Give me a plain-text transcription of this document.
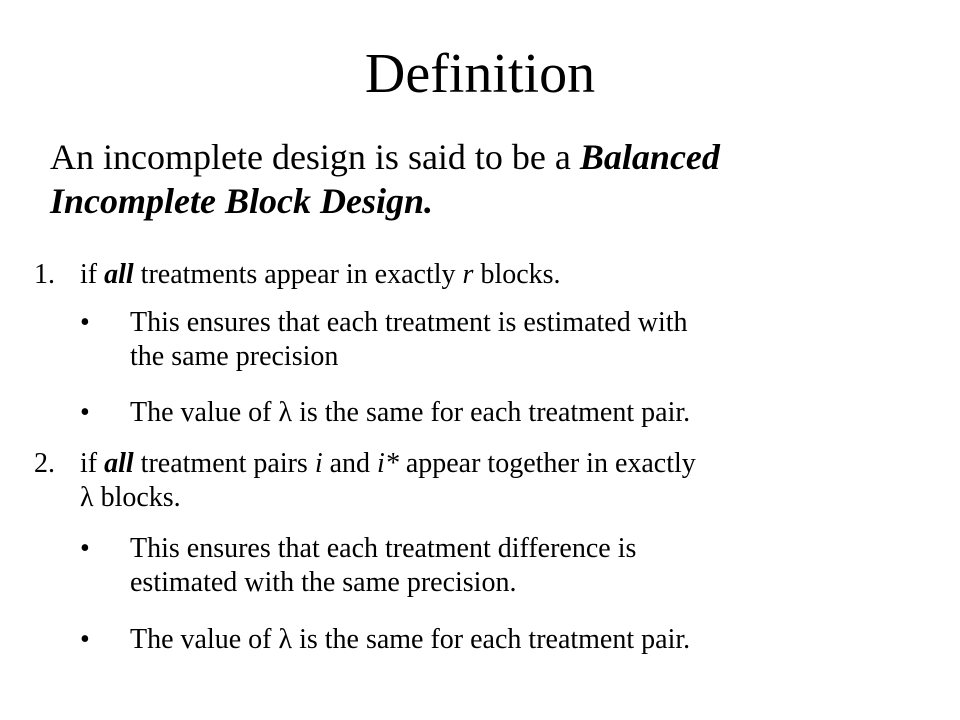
Definition
An incomplete design is said to be a Balanced
Incomplete Block Design.
1. if all treatments appear in exactly r blocks.
• This ensures that each treatment is estimated with
the same precision
• The value of λ is the same for each treatment pair.
2. if all treatment pairs i and i* appear together in exactly
λ blocks.
• This ensures that each treatment difference is
estimated with the same precision.
• The value of λ is the same for each treatment pair.
